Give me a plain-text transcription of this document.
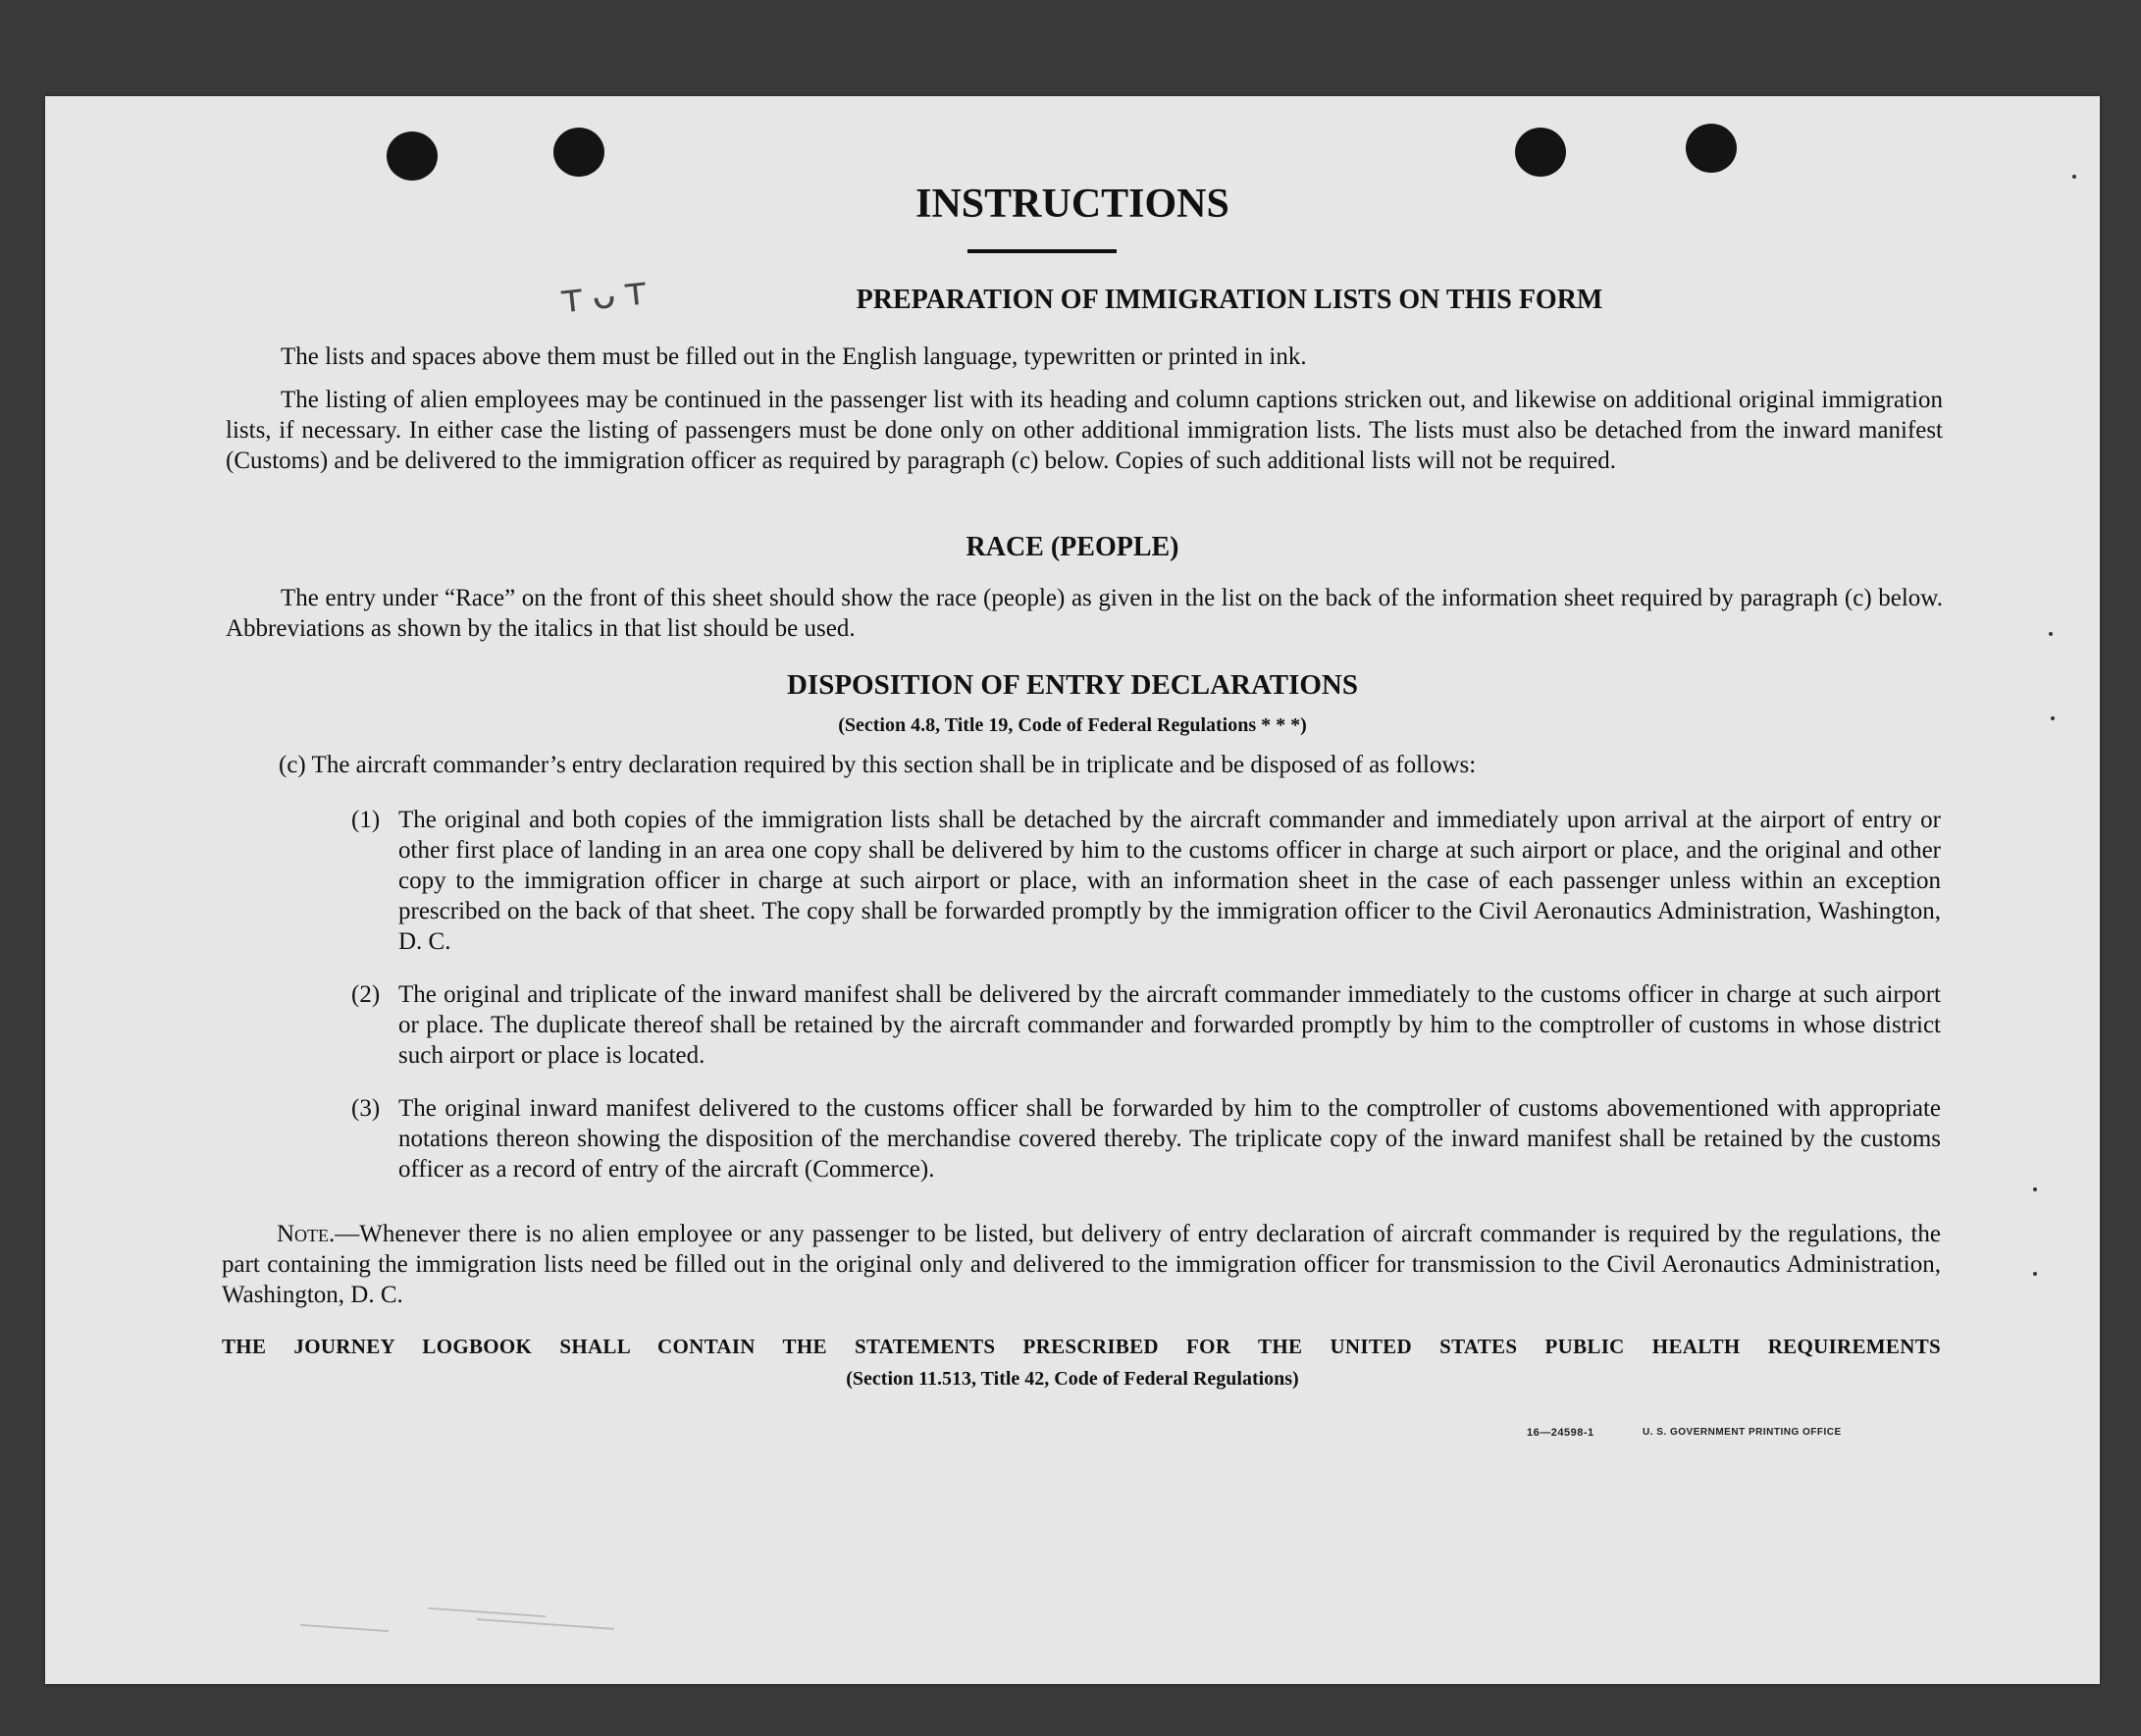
INSTRUCTIONS
ᴛ ᴗ ᴛ	PREPARATION OF IMMIGRATION LISTS ON THIS FORM

The lists and spaces above them must be filled out in the English language, typewritten or printed in ink.

The listing of alien employees may be continued in the passenger list with its heading and column captions stricken out, and likewise on additional original immigration lists, if necessary. In either case the listing of passengers must be done only on other additional immigration lists. The lists must also be detached from the inward manifest (Customs) and be delivered to the immigration officer as required by paragraph (c) below. Copies of such additional lists will not be required.

RACE (PEOPLE)

The entry under “Race” on the front of this sheet should show the race (people) as given in the list on the back of the information sheet required by paragraph (c) below. Abbreviations as shown by the italics in that list should be used.

DISPOSITION OF ENTRY DECLARATIONS
(Section 4.8, Title 19, Code of Federal Regulations * * *)

(c) The aircraft commander’s entry declaration required by this section shall be in triplicate and be disposed of as follows:

(1) The original and both copies of the immigration lists shall be detached by the aircraft commander and immediately upon arrival at the airport of entry or other first place of landing in an area one copy shall be delivered by him to the customs officer in charge at such airport or place, and the original and other copy to the immigration officer in charge at such airport or place, with an information sheet in the case of each passenger unless within an exception prescribed on the back of that sheet. The copy shall be forwarded promptly by the immigration officer to the Civil Aeronautics Administration, Washington, D. C.
(2) The original and triplicate of the inward manifest shall be delivered by the aircraft commander immediately to the customs officer in charge at such airport or place. The duplicate thereof shall be retained by the aircraft commander and forwarded promptly by him to the comptroller of customs in whose district such airport or place is located.
(3) The original inward manifest delivered to the customs officer shall be forwarded by him to the comptroller of customs abovementioned with appropriate notations thereon showing the disposition of the merchandise covered thereby. The triplicate copy of the inward manifest shall be retained by the customs officer as a record of entry of the aircraft (Commerce).

Note.—Whenever there is no alien employee or any passenger to be listed, but delivery of entry declaration of aircraft commander is required by the regulations, the part containing the immigration lists need be filled out in the original only and delivered to the immigration officer for transmission to the Civil Aeronautics Administration, Washington, D. C.

THE JOURNEY LOGBOOK SHALL CONTAIN THE STATEMENTS PRESCRIBED FOR THE UNITED STATES PUBLIC HEALTH REQUIREMENTS
(Section 11.513, Title 42, Code of Federal Regulations)
16—24598-1	U. S. GOVERNMENT PRINTING OFFICE
